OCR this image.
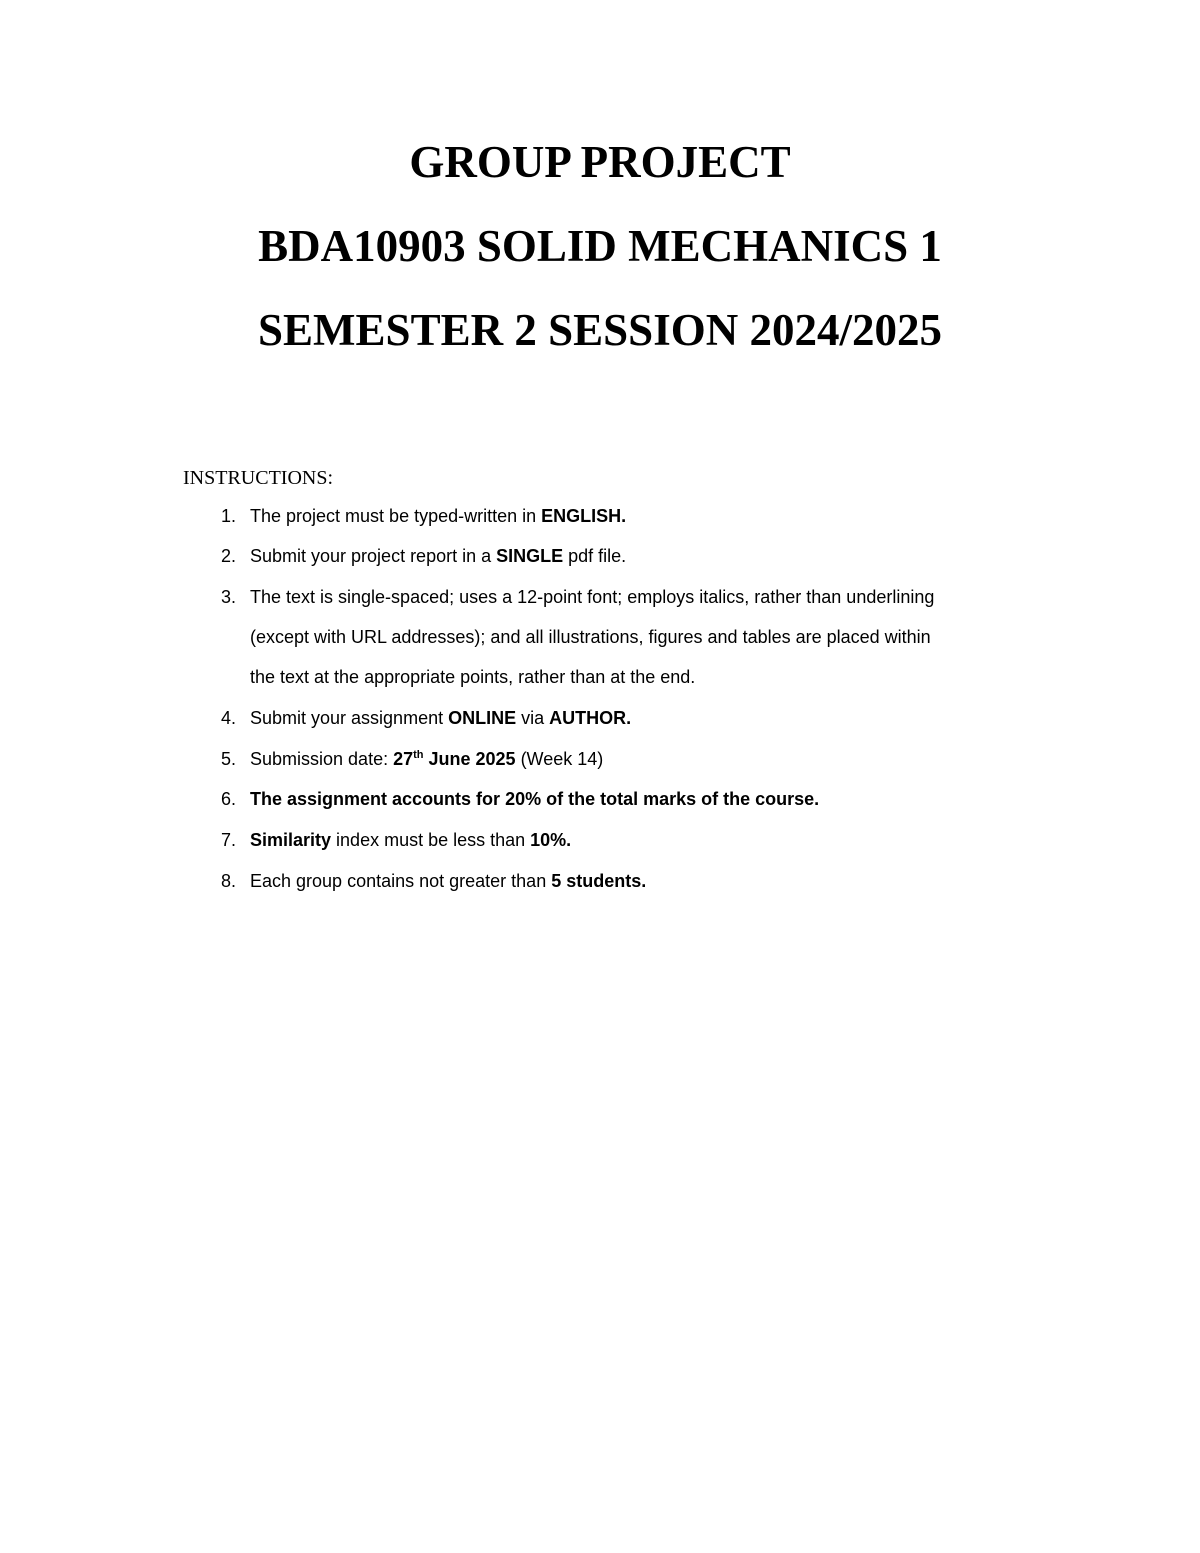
GROUP PROJECT
BDA10903 SOLID MECHANICS 1
SEMESTER 2 SESSION 2024/2025

INSTRUCTIONS:

1. The project must be typed-written in ENGLISH.
2. Submit your project report in a SINGLE pdf file.
3. The text is single-spaced; uses a 12-point font; employs italics, rather than underlining
(except with URL addresses); and all illustrations, figures and tables are placed within
the text at the appropriate points, rather than at the end.
4. Submit your assignment ONLINE via AUTHOR.
5. Submission date: 27th June 2025 (Week 14)
6. The assignment accounts for 20% of the total marks of the course.
7. Similarity index must be less than 10%.
8. Each group contains not greater than 5 students.
